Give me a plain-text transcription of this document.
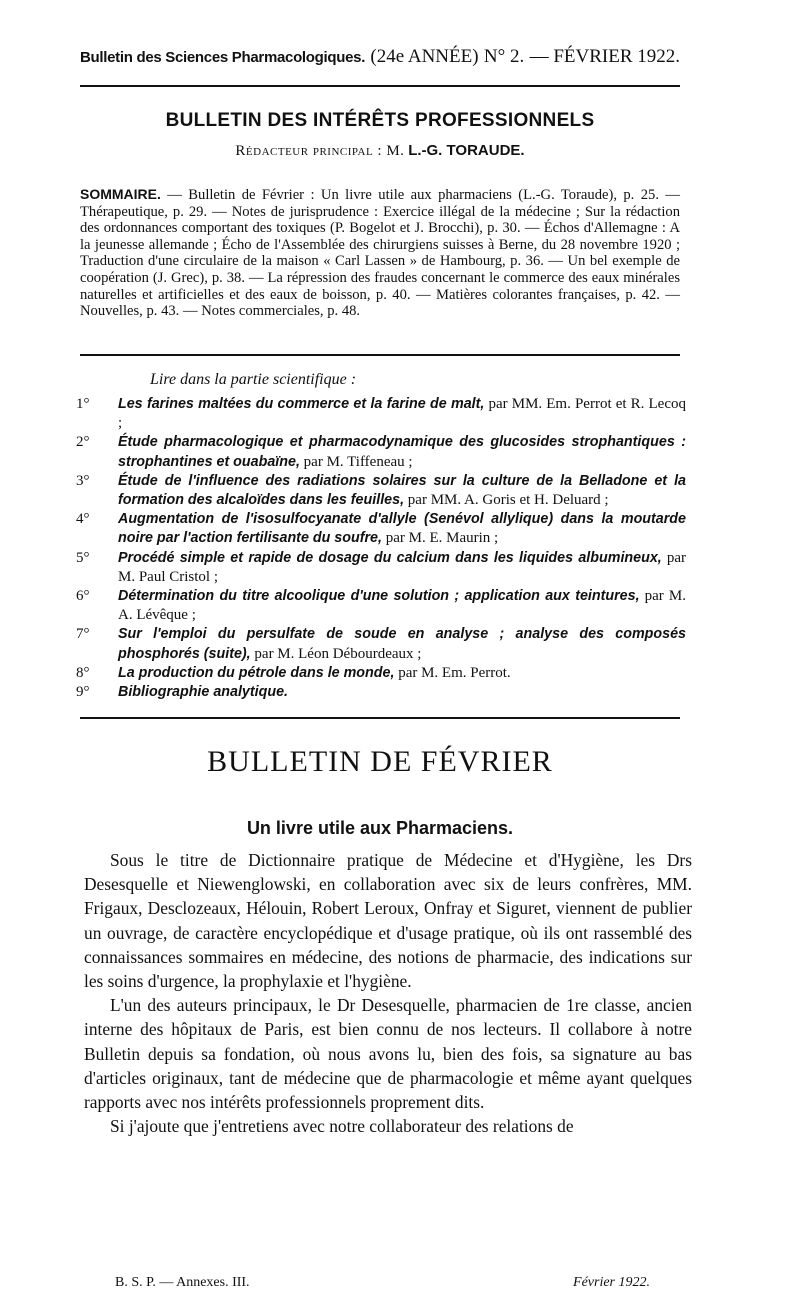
Bulletin des Sciences Pharmacologiques. (24e ANNÉE) N° 2. — FÉVRIER 1922.
BULLETIN DES INTÉRÊTS PROFESSIONNELS
Rédacteur principal : M. L.-G. TORAUDE.
SOMMAIRE. — Bulletin de Février : Un livre utile aux pharmaciens (L.-G. Toraude), p. 25. — Thérapeutique, p. 29. — Notes de jurisprudence : Exercice illégal de la médecine ; Sur la rédaction des ordonnances comportant des toxiques (P. Bogelot et J. Brocchi), p. 30. — Échos d'Allemagne : A la jeunesse allemande ; Écho de l'Assemblée des chirurgiens suisses à Berne, du 28 novembre 1920 ; Traduction d'une circulaire de la maison « Carl Lassen » de Hambourg, p. 36. — Un bel exemple de coopération (J. Grec), p. 38. — La répression des fraudes concernant le commerce des eaux minérales naturelles et artificielles et des eaux de boisson, p. 40. — Matières colorantes françaises, p. 42. — Nouvelles, p. 43. — Notes commerciales, p. 48.
Lire dans la partie scientifique :
1°	Les farines maltées du commerce et la farine de malt, par MM. Em. Perrot et R. Lecoq ;
2°	Étude pharmacologique et pharmacodynamique des glucosides strophantiques : strophantines et ouabaïne, par M. Tiffeneau ;
3°	Étude de l'influence des radiations solaires sur la culture de la Belladone et la formation des alcaloïdes dans les feuilles, par MM. A. Goris et H. Deluard ;
4°	Augmentation de l'isosulfocyanate d'allyle (Senévol allylique) dans la moutarde noire par l'action fertilisante du soufre, par M. E. Maurin ;
5°	Procédé simple et rapide de dosage du calcium dans les liquides albumineux, par M. Paul Cristol ;
6°	Détermination du titre alcoolique d'une solution ; application aux teintures, par M. A. Lévêque ;
7°	Sur l'emploi du persulfate de soude en analyse ; analyse des composés phosphorés (suite), par M. Léon Débourdeaux ;
8°	La production du pétrole dans le monde, par M. Em. Perrot.
9°	Bibliographie analytique.
BULLETIN DE FÉVRIER
Un livre utile aux Pharmaciens.

Sous le titre de Dictionnaire pratique de Médecine et d'Hygiène, les Drs Desesquelle et Niewenglowski, en collaboration avec six de leurs confrères, MM. Frigaux, Desclozeaux, Hélouin, Robert Leroux, Onfray et Siguret, viennent de publier un ouvrage, de caractère encyclopédique et d'usage pratique, où ils ont rassemblé des connaissances sommaires en médecine, des notions de pharmacie, des indications sur les soins d'urgence, la prophylaxie et l'hygiène.

L'un des auteurs principaux, le Dr Desesquelle, pharmacien de 1re classe, ancien interne des hôpitaux de Paris, est bien connu de nos lecteurs. Il collabore à notre Bulletin depuis sa fondation, où nous avons lu, bien des fois, sa signature au bas d'articles originaux, tant de médecine que de pharmacologie et même ayant quelques rapports avec nos intérêts professionnels proprement dits.

Si j'ajoute que j'entretiens avec notre collaborateur des relations de

B. S. P. — Annexes. III.	Février 1922.
